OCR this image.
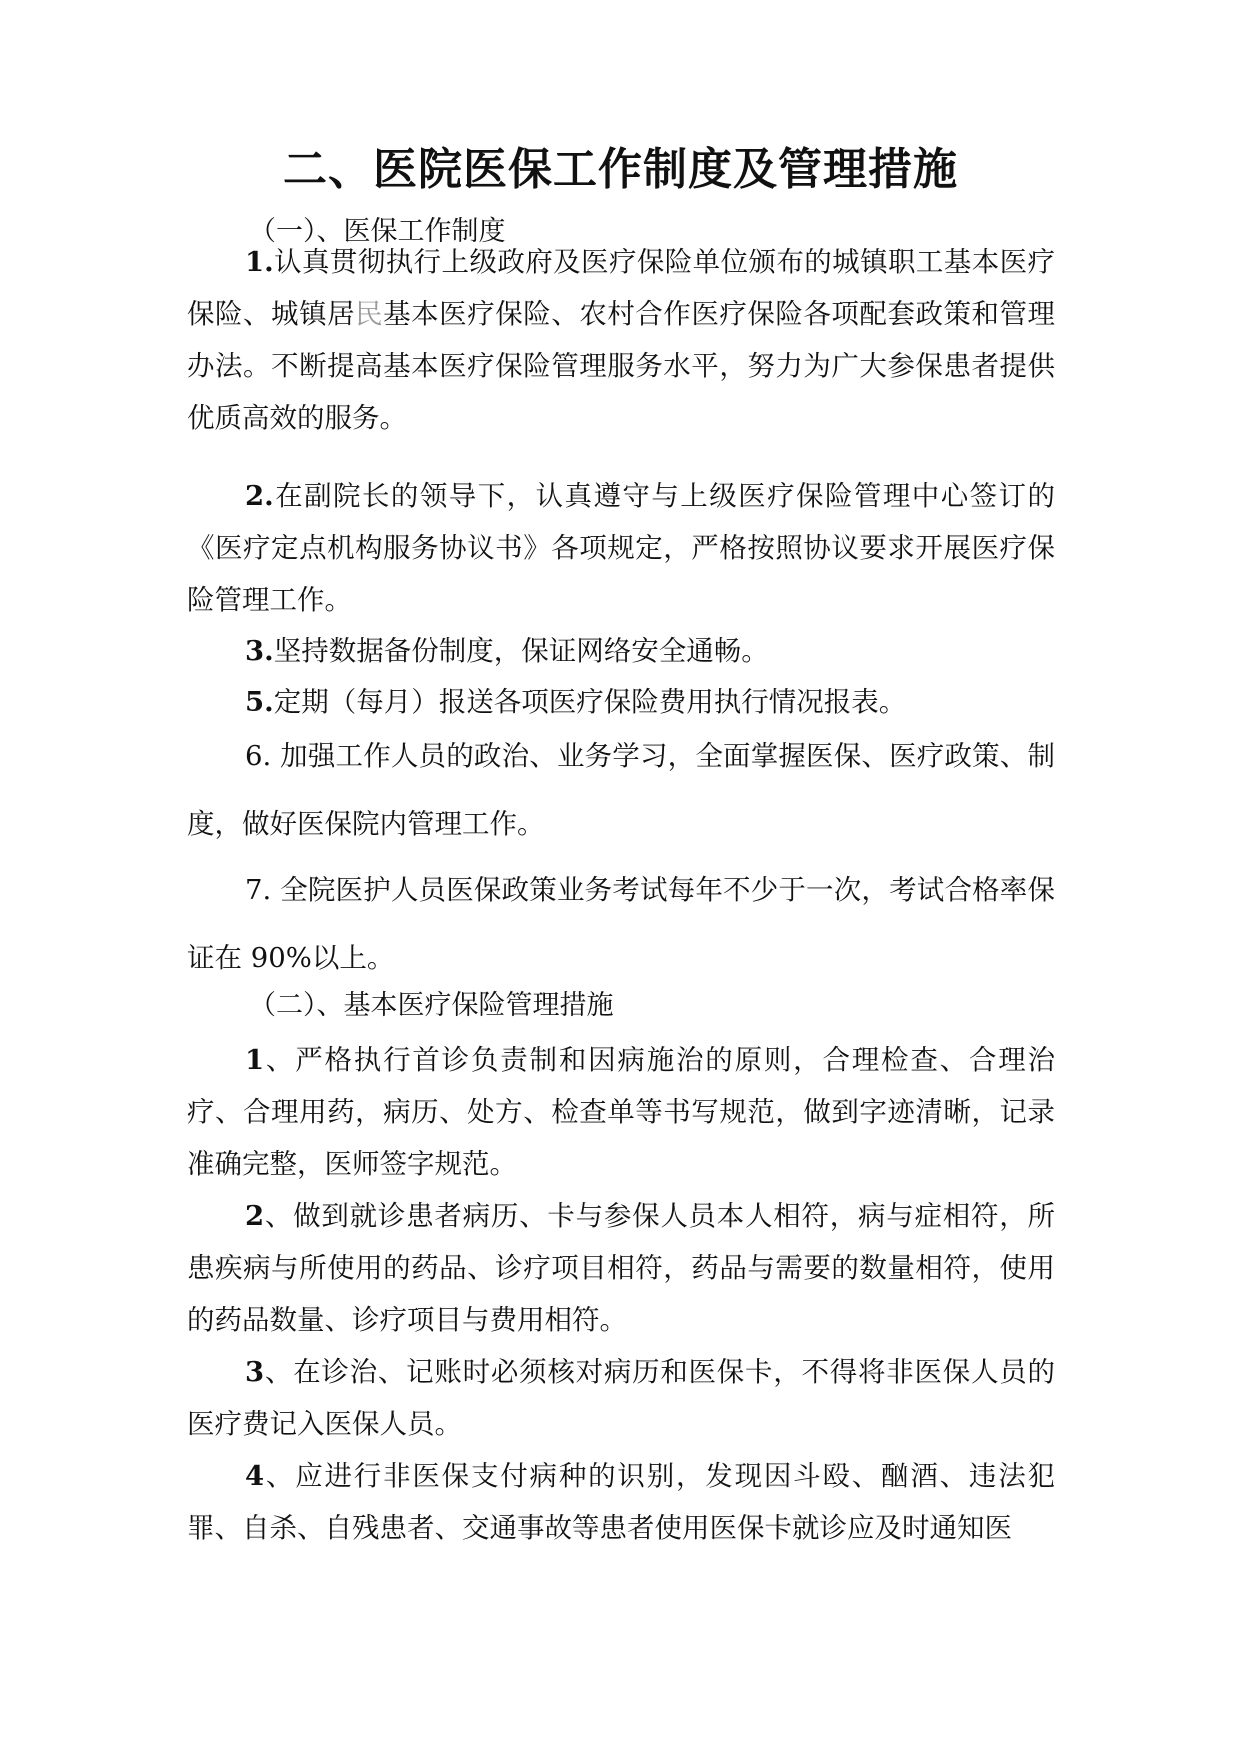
二、医院医保工作制度及管理措施
（一）、医保工作制度

1.认真贯彻执行上级政府及医疗保险单位颁布的城镇职工基本医疗保险、城镇居民基本医疗保险、农村合作医疗保险各项配套政策和管理办法。不断提高基本医疗保险管理服务水平，努力为广大参保患者提供优质高效的服务。

2.在副院长的领导下，认真遵守与上级医疗保险管理中心签订的《医疗定点机构服务协议书》各项规定，严格按照协议要求开展医疗保险管理工作。

3.坚持数据备份制度，保证网络安全通畅。

5.定期（每月）报送各项医疗保险费用执行情况报表。

6. 加强工作人员的政治、业务学习，全面掌握医保、医疗政策、制度，做好医保院内管理工作。

7. 全院医护人员医保政策业务考试每年不少于一次，考试合格率保证在 90%以上。

（二）、基本医疗保险管理措施

1、严格执行首诊负责制和因病施治的原则，合理检查、合理治疗、合理用药，病历、处方、检查单等书写规范，做到字迹清晰，记录准确完整，医师签字规范。

2、做到就诊患者病历、卡与参保人员本人相符，病与症相符，所患疾病与所使用的药品、诊疗项目相符，药品与需要的数量相符，使用的药品数量、诊疗项目与费用相符。

3、在诊治、记账时必须核对病历和医保卡，不得将非医保人员的医疗费记入医保人员。

4、应进行非医保支付病种的识别，发现因斗殴、酗酒、违法犯罪、自杀、自残患者、交通事故等患者使用医保卡就诊应及时通知医
